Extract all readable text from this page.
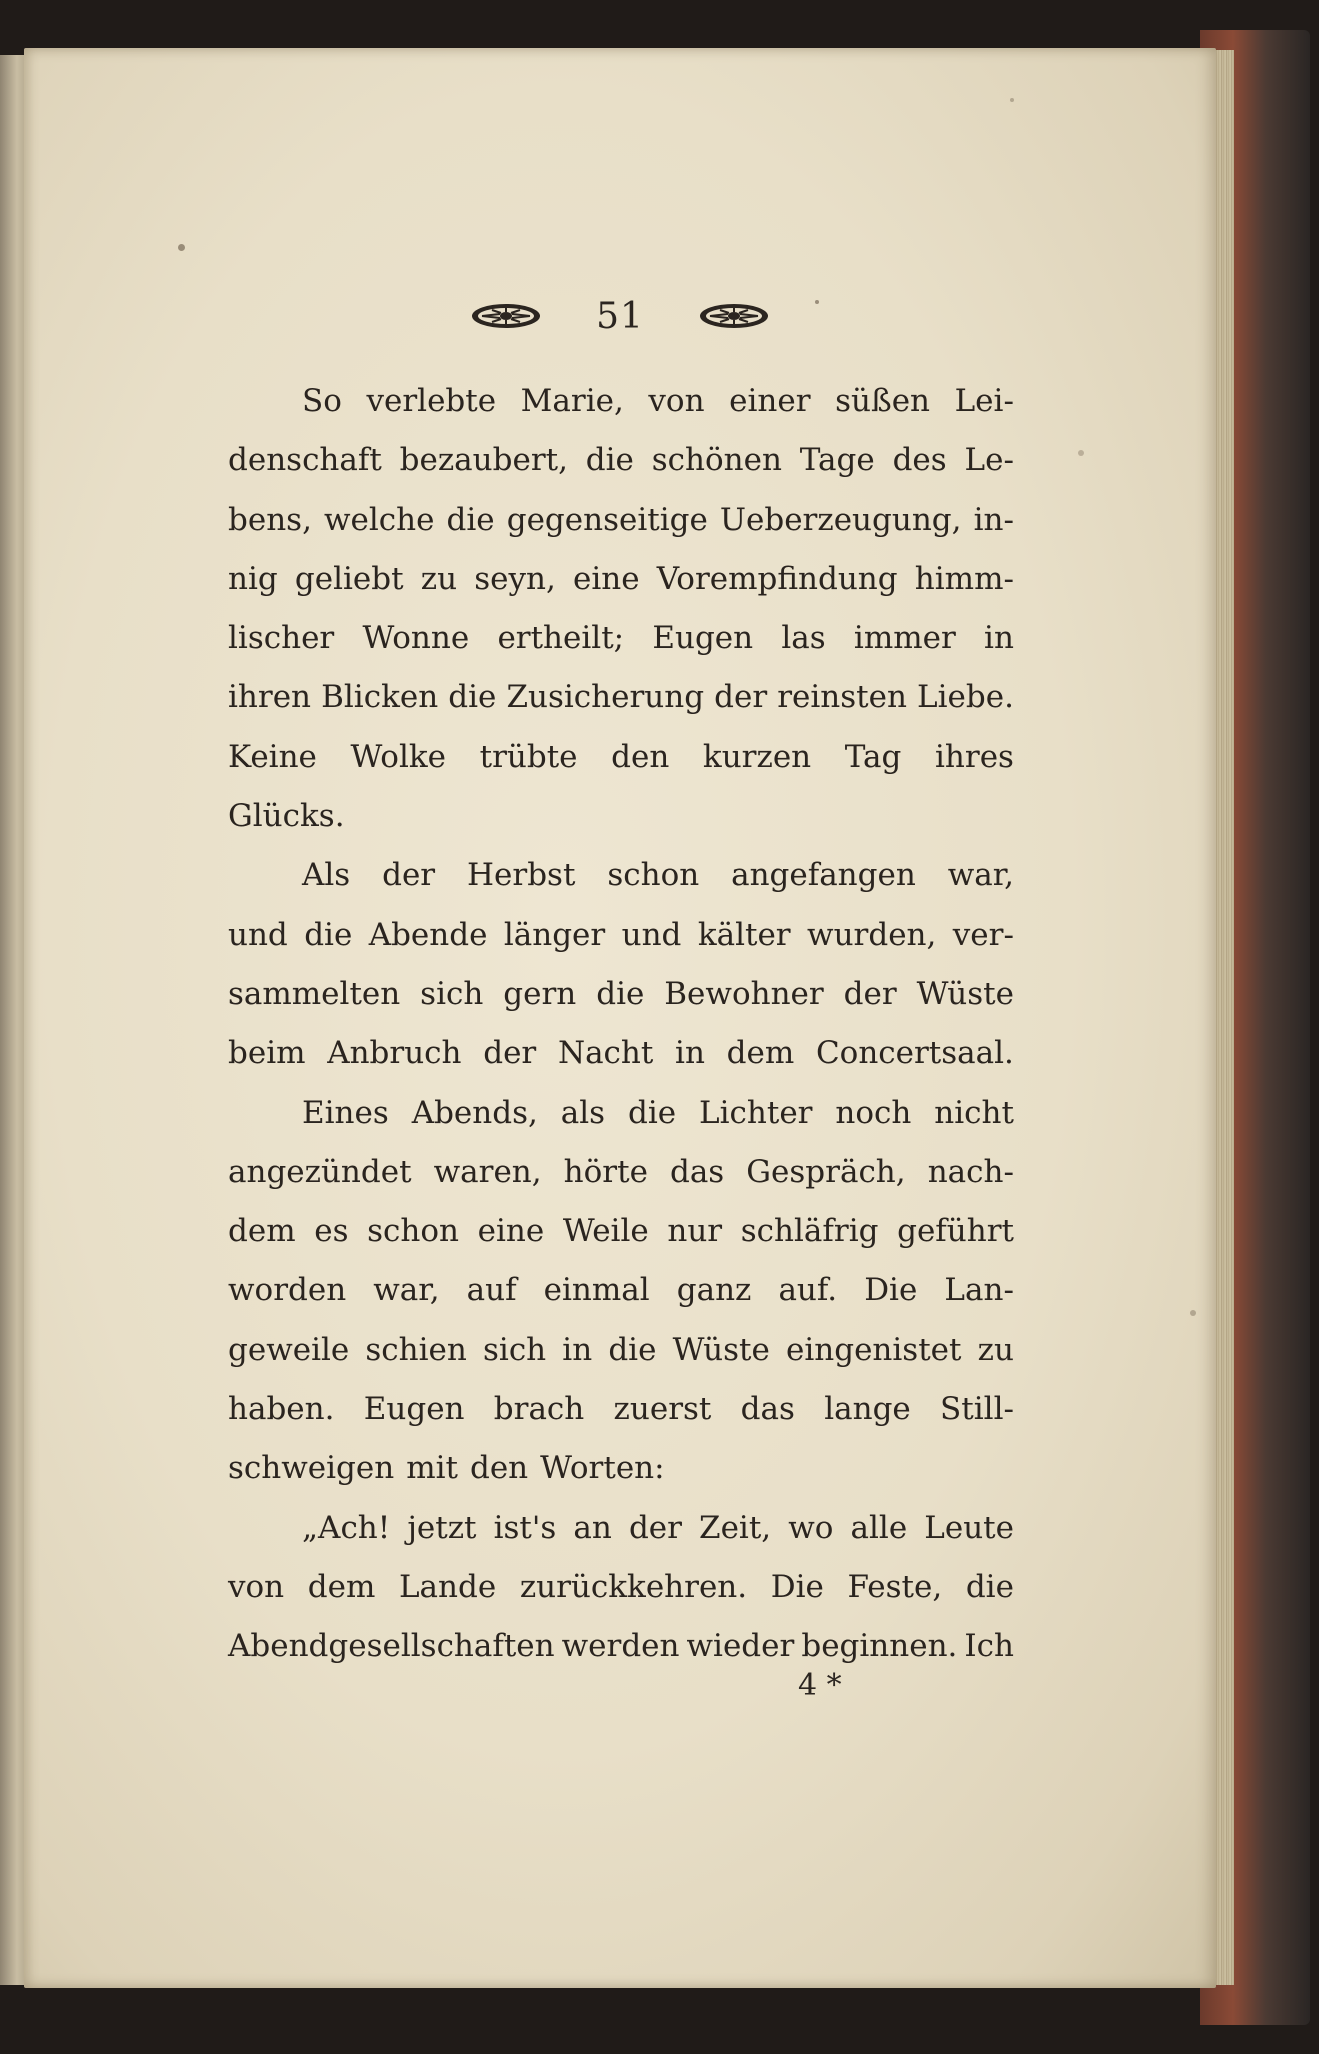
51
So verlebte Marie, von einer süßen Lei-
denschaft bezaubert, die schönen Tage des Le-
bens, welche die gegenseitige Ueberzeugung, in-
nig geliebt zu seyn, eine Vorempfindung himm-
lischer Wonne ertheilt; Eugen las immer in
ihren Blicken die Zusicherung der reinsten Liebe.
Keine Wolke trübte den kurzen Tag ihres
Glücks.
Als der Herbst schon angefangen war,
und die Abende länger und kälter wurden, ver-
sammelten sich gern die Bewohner der Wüste
beim Anbruch der Nacht in dem Concertsaal.
Eines Abends, als die Lichter noch nicht
angezündet waren, hörte das Gespräch, nach-
dem es schon eine Weile nur schläfrig geführt
worden war, auf einmal ganz auf. Die Lan-
geweile schien sich in die Wüste eingenistet zu
haben. Eugen brach zuerst das lange Still-
schweigen mit den Worten:
„Ach! jetzt ist's an der Zeit, wo alle Leute
von dem Lande zurückkehren. Die Feste, die
Abendgesellschaften werden wieder beginnen. Ich
4 *
